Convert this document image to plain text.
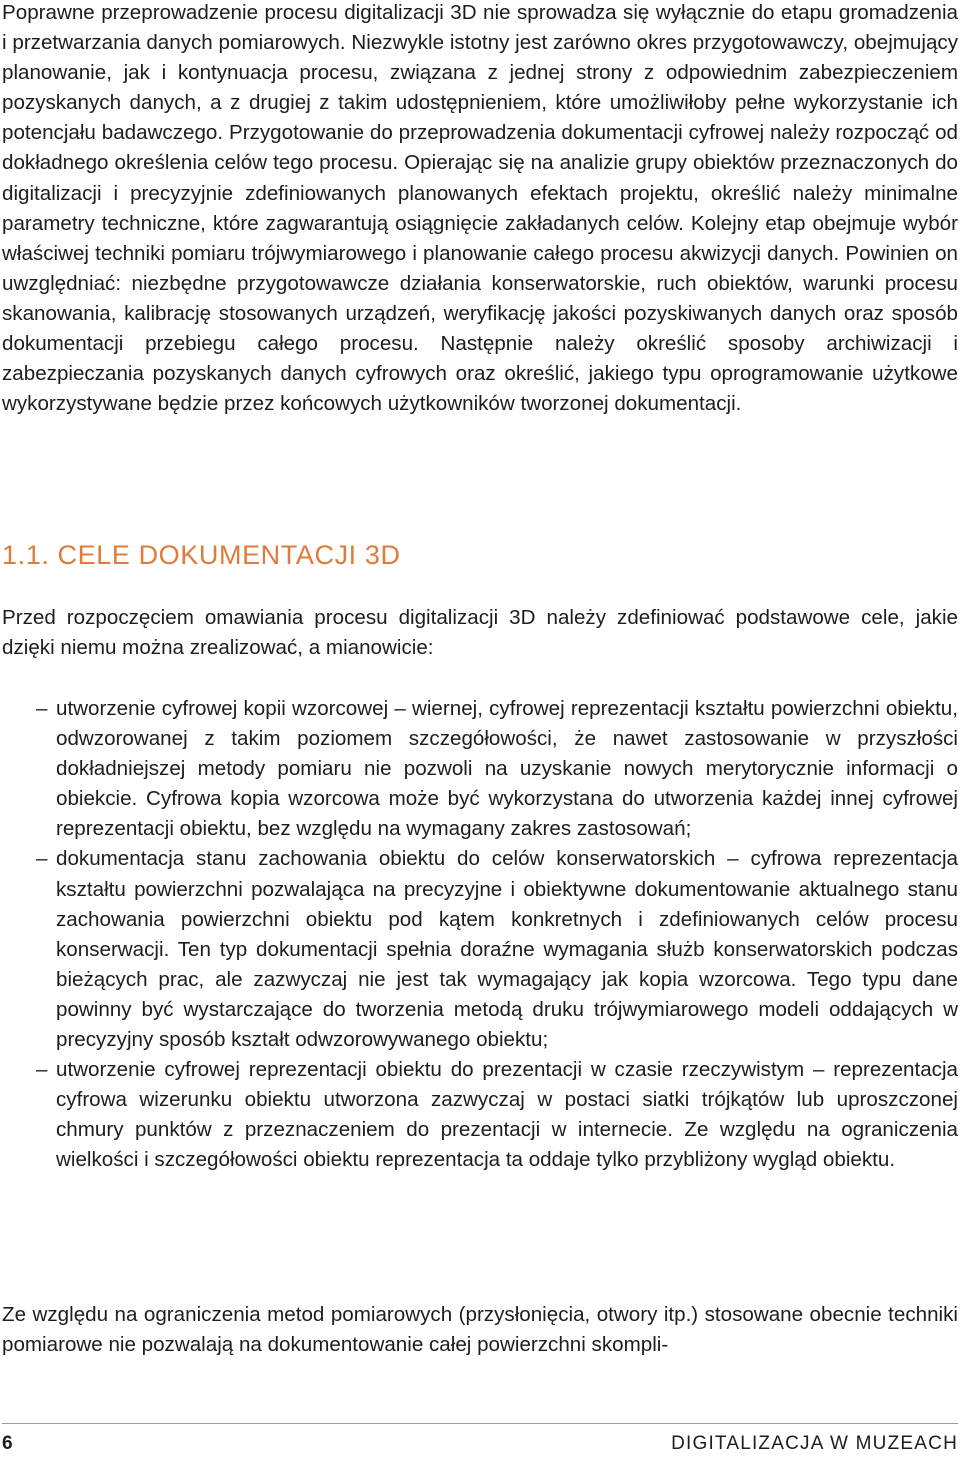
Poprawne przeprowadzenie procesu digitalizacji 3D nie sprowadza się wyłącznie do etapu gromadzenia i przetwarzania danych pomiarowych. Niezwykle istotny jest zarówno okres przygotowawczy, obejmujący planowanie, jak i kontynuacja procesu, związana z jednej strony z odpowiednim zabezpieczeniem pozyskanych danych, a z drugiej z takim udostępnieniem, które umożliwiłoby pełne wykorzystanie ich potencjału badawczego. Przygotowanie do przeprowadzenia dokumentacji cyfrowej należy rozpocząć od dokładnego określenia celów tego procesu. Opierając się na analizie grupy obiektów przeznaczonych do digitalizacji i precyzyjnie zdefiniowanych planowanych efektach projektu, określić należy minimalne parametry techniczne, które zagwarantują osiągnięcie zakładanych celów. Kolejny etap obejmuje wybór właściwej techniki pomiaru trójwymiarowego i planowanie całego procesu akwizycji danych. Powinien on uwzględniać: niezbędne przygotowawcze działania konserwatorskie, ruch obiektów, warunki procesu skanowania, kalibrację stosowanych urządzeń, weryfikację jakości pozyskiwanych danych oraz sposób dokumentacji przebiegu całego procesu. Następnie należy określić sposoby archiwizacji i zabezpieczania pozyskanych danych cyfrowych oraz określić, jakiego typu oprogramowanie użytkowe wykorzystywane będzie przez końcowych użytkowników tworzonej dokumentacji.

1.1. CELE DOKUMENTACJI 3D

Przed rozpoczęciem omawiania procesu digitalizacji 3D należy zdefiniować podstawowe cele, jakie dzięki niemu można zrealizować, a mianowicie:

–
utworzenie cyfrowej kopii wzorcowej – wiernej, cyfrowej reprezentacji kształtu powierzchni obiektu, odwzorowanej z takim poziomem szczegółowości, że nawet zastosowanie w przyszłości dokładniejszej metody pomiaru nie pozwoli na uzyskanie nowych merytorycznie informacji o obiekcie. Cyfrowa kopia wzorcowa może być wykorzystana do utworzenia każdej innej cyfrowej reprezentacji obiektu, bez względu na wymagany zakres zastosowań;
–
dokumentacja stanu zachowania obiektu do celów konserwatorskich – cyfrowa reprezentacja kształtu powierzchni pozwalająca na precyzyjne i obiektywne dokumentowanie aktualnego stanu zachowania powierzchni obiektu pod kątem konkretnych i zdefiniowanych celów procesu konserwacji. Ten typ dokumentacji spełnia doraźne wymagania służb konserwatorskich podczas bieżących prac, ale zazwyczaj nie jest tak wymagający jak kopia wzorcowa. Tego typu dane powinny być wystarczające do tworzenia metodą druku trójwymiarowego modeli oddających w precyzyjny sposób kształt odwzorowywanego obiektu;
–
utworzenie cyfrowej reprezentacji obiektu do prezentacji w czasie rzeczywistym – reprezentacja cyfrowa wizerunku obiektu utworzona zazwyczaj w postaci siatki trójkątów lub uproszczonej chmury punktów z przeznaczeniem do prezentacji w internecie. Ze względu na ograniczenia wielkości i szczegółowości obiektu reprezentacja ta oddaje tylko przybliżony wygląd obiektu.

Ze względu na ograniczenia metod pomiarowych (przysłonięcia, otwory itp.) stosowane obecnie techniki pomiarowe nie pozwalają na dokumentowanie całej powierzchni skompli-

6	DIGITALIZACJA W MUZEACH
